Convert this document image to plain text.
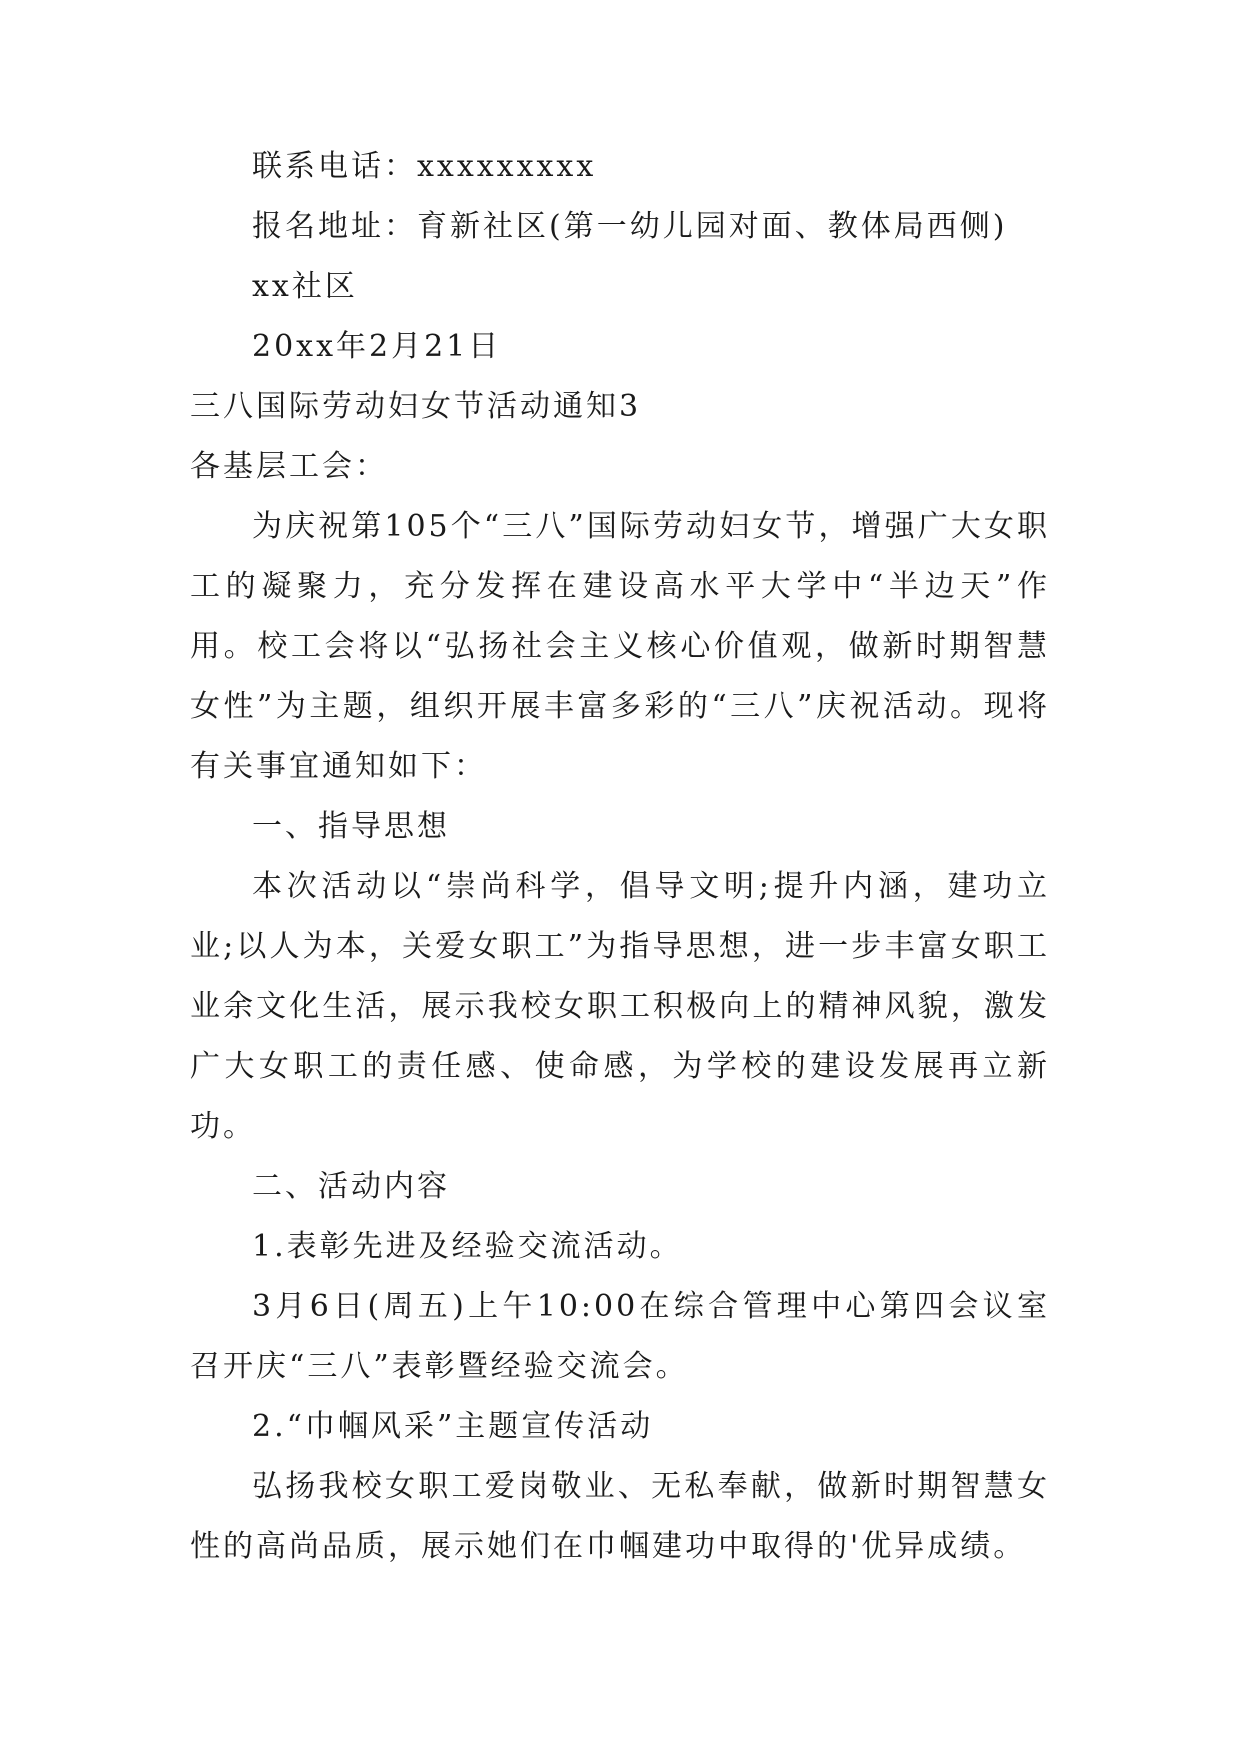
联系电话：xxxxxxxxx
报名地址：育新社区(第一幼儿园对面、教体局西侧)
xx社区
20xx年2月21日
三八国际劳动妇女节活动通知3
各基层工会：
为庆祝第105个“三八”国际劳动妇女节，增强广大女职工的凝聚力，充分发挥在建设高水平大学中“半边天”作用。校工会将以“弘扬社会主义核心价值观，做新时期智慧女性”为主题，组织开展丰富多彩的“三八”庆祝活动。现将有关事宜通知如下：
一、指导思想
本次活动以“崇尚科学，倡导文明;提升内涵，建功立业;以人为本，关爱女职工”为指导思想，进一步丰富女职工业余文化生活，展示我校女职工积极向上的精神风貌，激发广大女职工的责任感、使命感，为学校的建设发展再立新功。
二、活动内容
1.表彰先进及经验交流活动。
3月6日(周五)上午10:00在综合管理中心第四会议室召开庆“三八”表彰暨经验交流会。
2.“巾帼风采”主题宣传活动
弘扬我校女职工爱岗敬业、无私奉献，做新时期智慧女性的高尚品质，展示她们在巾帼建功中取得的'优异成绩。
